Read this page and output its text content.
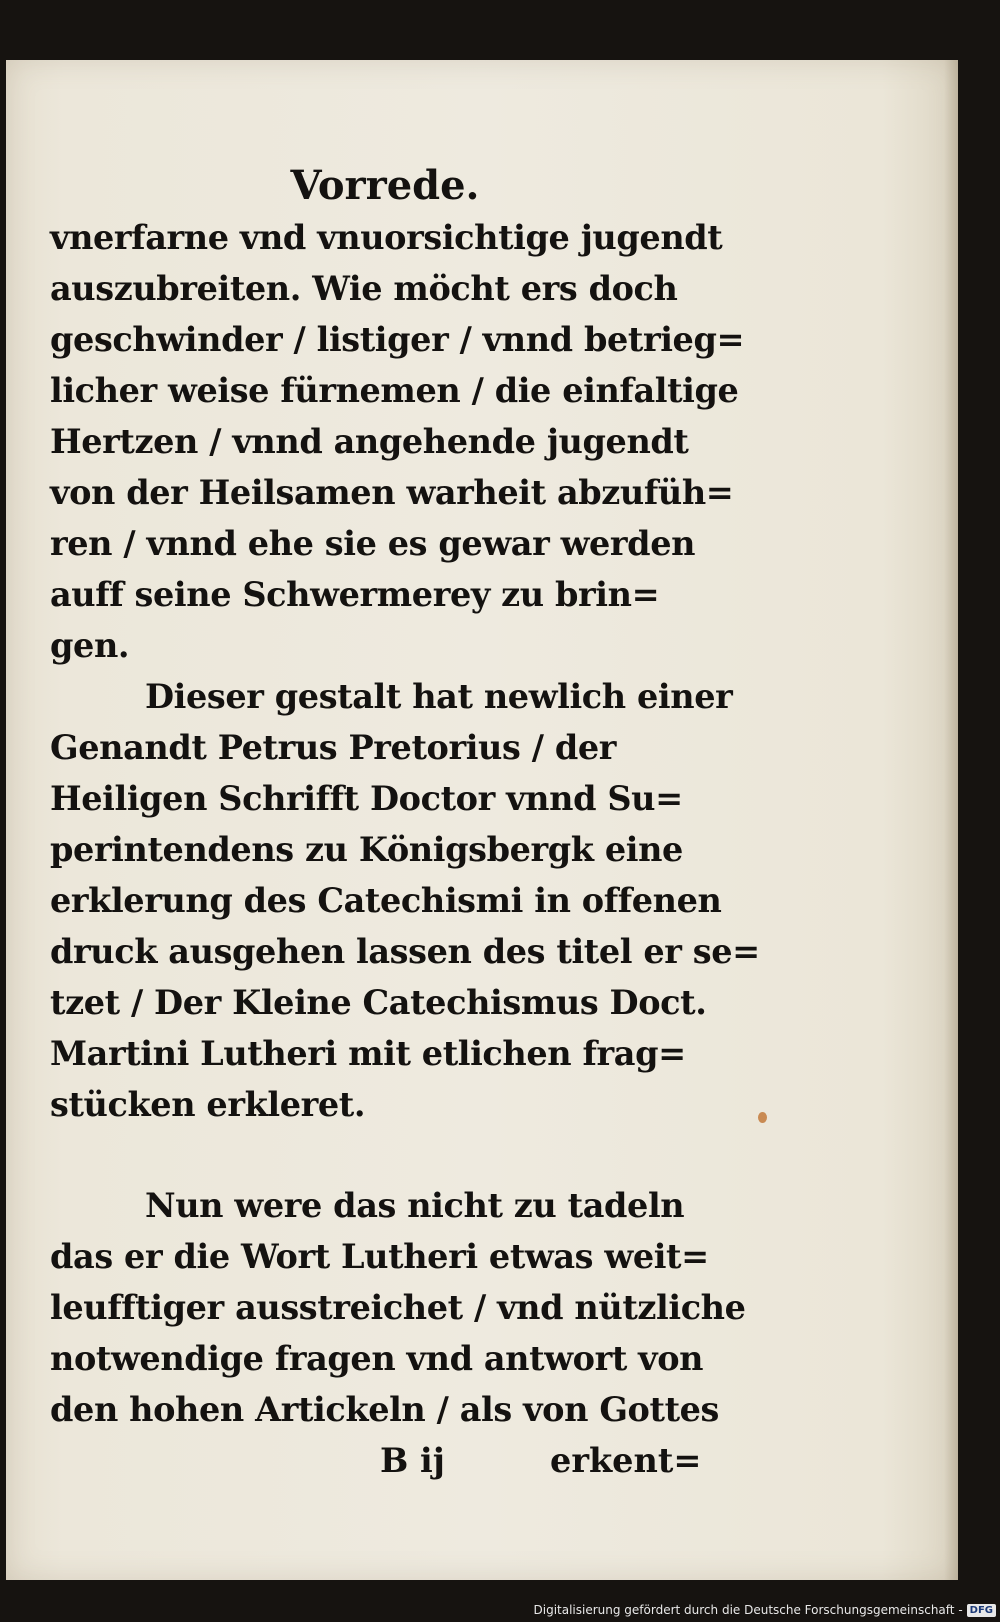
Vorrede.
vnerfarne vnd vnuorsichtige jugendt
auszubreiten. Wie möcht ers doch
geschwinder / listiger / vnnd betrieg=
licher weise fürnemen / die einfaltige
Hertzen / vnnd angehende jugendt
von der Heilsamen warheit abzufüh=
ren / vnnd ehe sie es gewar werden
auff seine Schwermerey zu brin=
gen.
Dieser gestalt hat newlich einer
Genandt Petrus Pretorius / der
Heiligen Schrifft Doctor vnnd Su=
perintendens zu Königsbergk eine
erklerung des Catechismi in offenen
druck ausgehen lassen des titel er se=
tzet / Der Kleine Catechismus Doct.
Martini Lutheri mit etlichen frag=
stücken erkleret.
Nun were das nicht zu tadeln
das er die Wort Lutheri etwas weit=
leufftiger ausstreichet / vnd nützliche
notwendige fragen vnd antwort von
den hohen Artickeln / als von Gottes
B ij	erkent=
Digitalisierung gefördert durch die Deutsche Forschungsgemeinschaft - DFG
